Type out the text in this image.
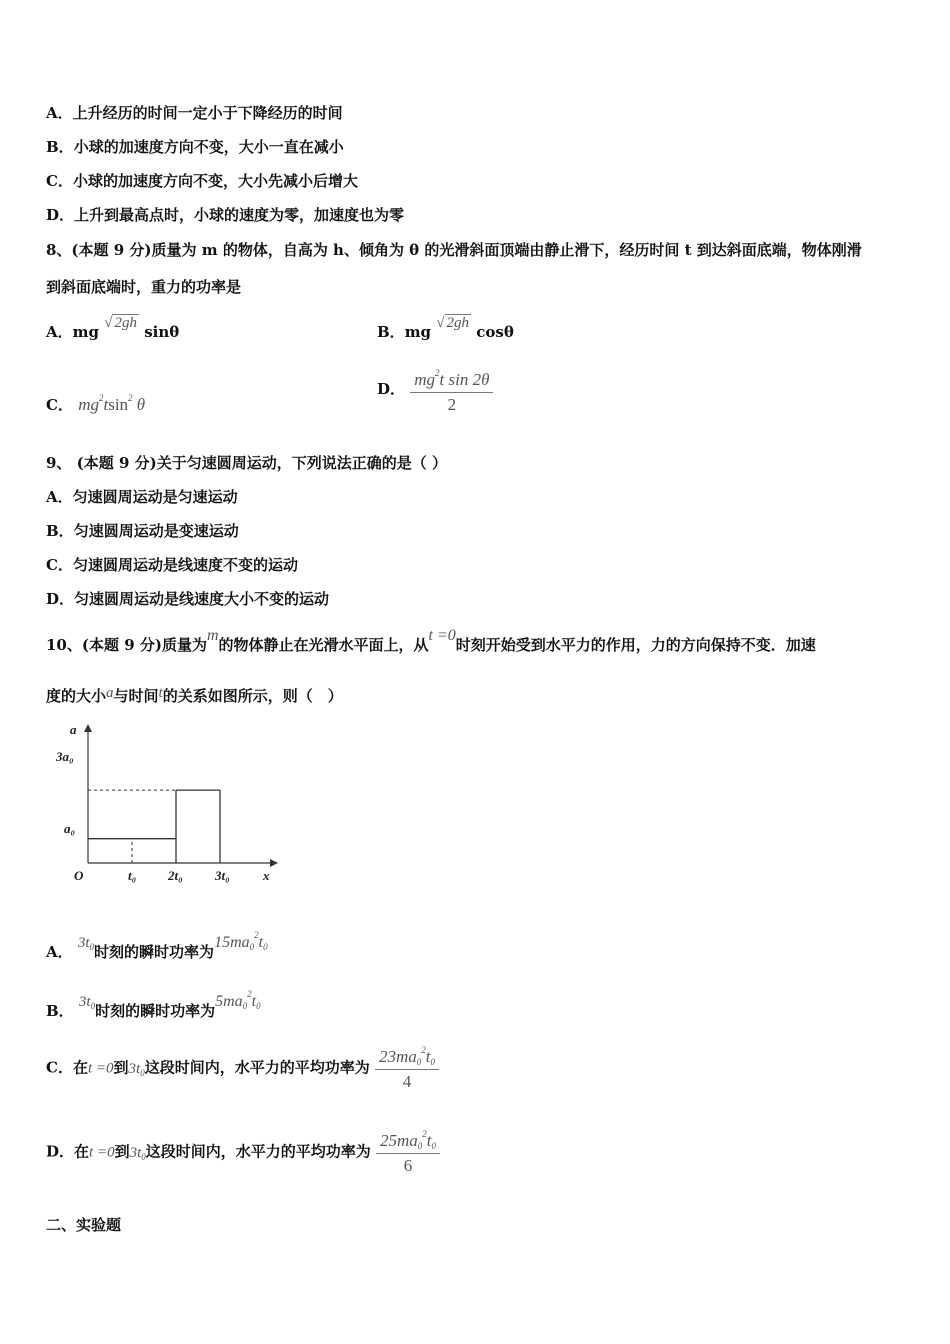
A．上升经历的时间一定小于下降经历的时间
B．小球的加速度方向不变，大小一直在减小
C．小球的加速度方向不变，大小先减小后增大
D．上升到最高点时，小球的速度为零，加速度也为零
8、(本题 9 分)质量为 m 的物体，自高为 h、倾角为 θ 的光滑斜面顶端由静止滑下，经历时间 t 到达斜面底端，物体刚滑
到斜面底端时，重力的功率是
A．mg √ 2gh sinθ	B．mg √ 2gh cosθ
C． $mg^2tsin^2$ θ
D． $\frac{mg^2t \sin 2\theta}{2}$
9、 (本题 9 分)关于匀速圆周运动，下列说法正确的是（ ）
A．匀速圆周运动是匀速运动
B．匀速圆周运动是变速运动
C．匀速圆周运动是线速度不变的运动
D．匀速圆周运动是线速度大小不变的运动
10、(本题 9 分)质量为m的物体静止在光滑水平面上，从t =0时刻开始受到水平力的作用，力的方向保持不变．加速
度的大小a与时间t的关系如图所示，则（　）
a
x
O
3a₀
a₀
t₀ 2t₀ 3t₀
A． $3t_0$时刻的瞬时功率为$15ma_0^2t_0$
B． $3t_0$时刻的瞬时功率为$5ma_0^2t_0$
C．在t =0到$3t_0$这段时间内，水平力的平均功率为 $\frac{23ma_0^2t_0}{4}$
D．在t =0到$3t_0$这段时间内，水平力的平均功率为 $\frac{25ma_0^2t_0}{6}$
二、实验题
